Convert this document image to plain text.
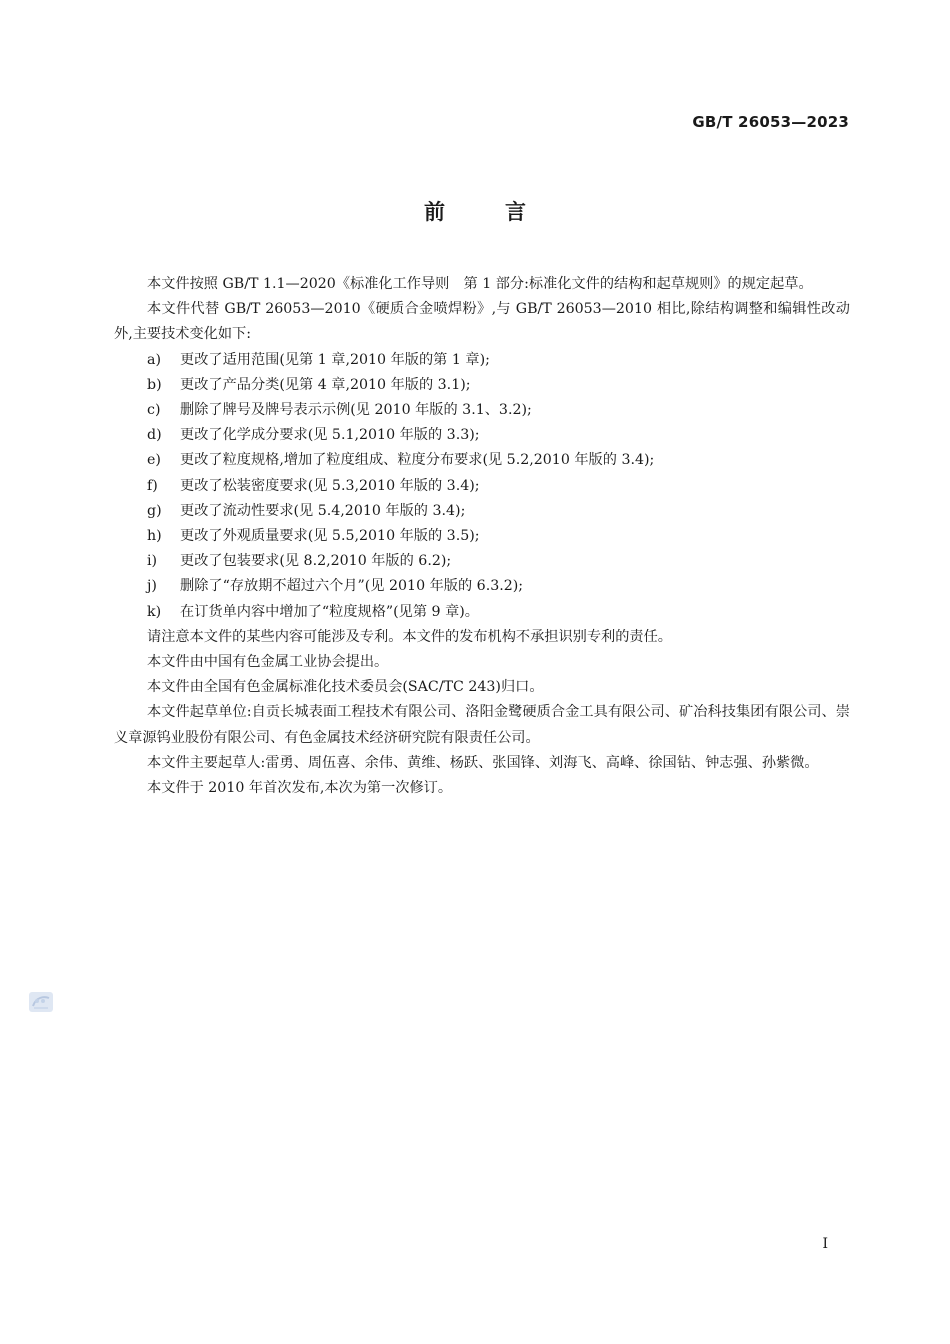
GB/T 26053—2023
前言

本文件按照 GB/T 1.1—2020《标准化工作导则　第 1 部分:标准化文件的结构和起草规则》的规定起草。

本文件代替 GB/T 26053—2010《硬质合金喷焊粉》,与 GB/T 26053—2010 相比,除结构调整和编辑性改动外,主要技术变化如下:

a)	更改了适用范围(见第 1 章,2010 年版的第 1 章);
b)	更改了产品分类(见第 4 章,2010 年版的 3.1);
c)	删除了牌号及牌号表示示例(见 2010 年版的 3.1、3.2);
d)	更改了化学成分要求(见 5.1,2010 年版的 3.3);
e)	更改了粒度规格,增加了粒度组成、粒度分布要求(见 5.2,2010 年版的 3.4);
f)	更改了松装密度要求(见 5.3,2010 年版的 3.4);
g)	更改了流动性要求(见 5.4,2010 年版的 3.4);
h)	更改了外观质量要求(见 5.5,2010 年版的 3.5);
i)	更改了包装要求(见 8.2,2010 年版的 6.2);
j)	删除了“存放期不超过六个月”(见 2010 年版的 6.3.2);
k)	在订货单内容中增加了“粒度规格”(见第 9 章)。

请注意本文件的某些内容可能涉及专利。本文件的发布机构不承担识别专利的责任。

本文件由中国有色金属工业协会提出。

本文件由全国有色金属标准化技术委员会(SAC/TC 243)归口。

本文件起草单位:自贡长城表面工程技术有限公司、洛阳金鹭硬质合金工具有限公司、矿冶科技集团有限公司、崇义章源钨业股份有限公司、有色金属技术经济研究院有限责任公司。

本文件主要起草人:雷勇、周伍喜、余伟、黄维、杨跃、张国锋、刘海飞、高峰、徐国钻、钟志强、孙紫微。

本文件于 2010 年首次发布,本次为第一次修订。

I
